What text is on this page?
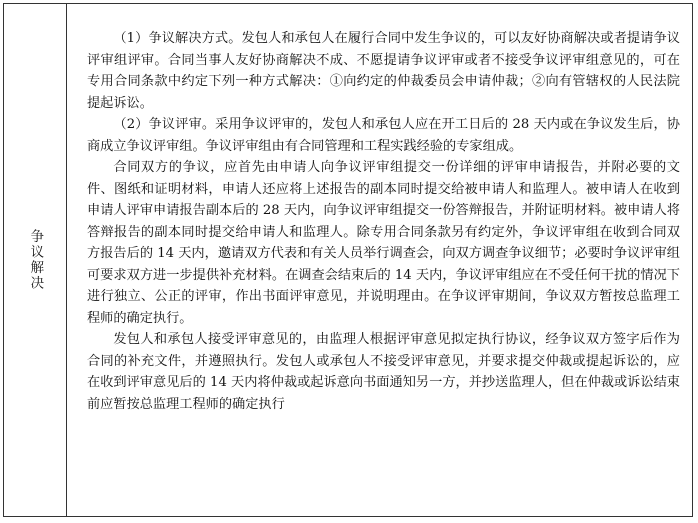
争议解决

（1）争议解决方式。发包人和承包人在履行合同中发生争议的，可以友好协商解决或者提请争议评审组评审。合同当事人友好协商解决不成、不愿提请争议评审或者不接受争议评审组意见的，可在专用合同条款中约定下列一种方式解决：①向约定的仲裁委员会申请仲裁；②向有管辖权的人民法院提起诉讼。

（2）争议评审。采用争议评审的，发包人和承包人应在开工日后的 28 天内或在争议发生后，协商成立争议评审组。争议评审组由有合同管理和工程实践经验的专家组成。

合同双方的争议，应首先由申请人向争议评审组提交一份详细的评审申请报告，并附必要的文件、图纸和证明材料，申请人还应将上述报告的副本同时提交给被申请人和监理人。被申请人在收到申请人评审申请报告副本后的 28 天内，向争议评审组提交一份答辩报告，并附证明材料。被申请人将答辩报告的副本同时提交给申请人和监理人。除专用合同条款另有约定外，争议评审组在收到合同双方报告后的 14 天内，邀请双方代表和有关人员举行调查会，向双方调查争议细节；必要时争议评审组可要求双方进一步提供补充材料。在调查会结束后的 14 天内，争议评审组应在不受任何干扰的情况下进行独立、公正的评审，作出书面评审意见，并说明理由。在争议评审期间，争议双方暂按总监理工程师的确定执行。

发包人和承包人接受评审意见的，由监理人根据评审意见拟定执行协议，经争议双方签字后作为合同的补充文件，并遵照执行。发包人或承包人不接受评审意见，并要求提交仲裁或提起诉讼的，应在收到评审意见后的 14 天内将仲裁或起诉意向书面通知另一方，并抄送监理人，但在仲裁或诉讼结束前应暂按总监理工程师的确定执行
